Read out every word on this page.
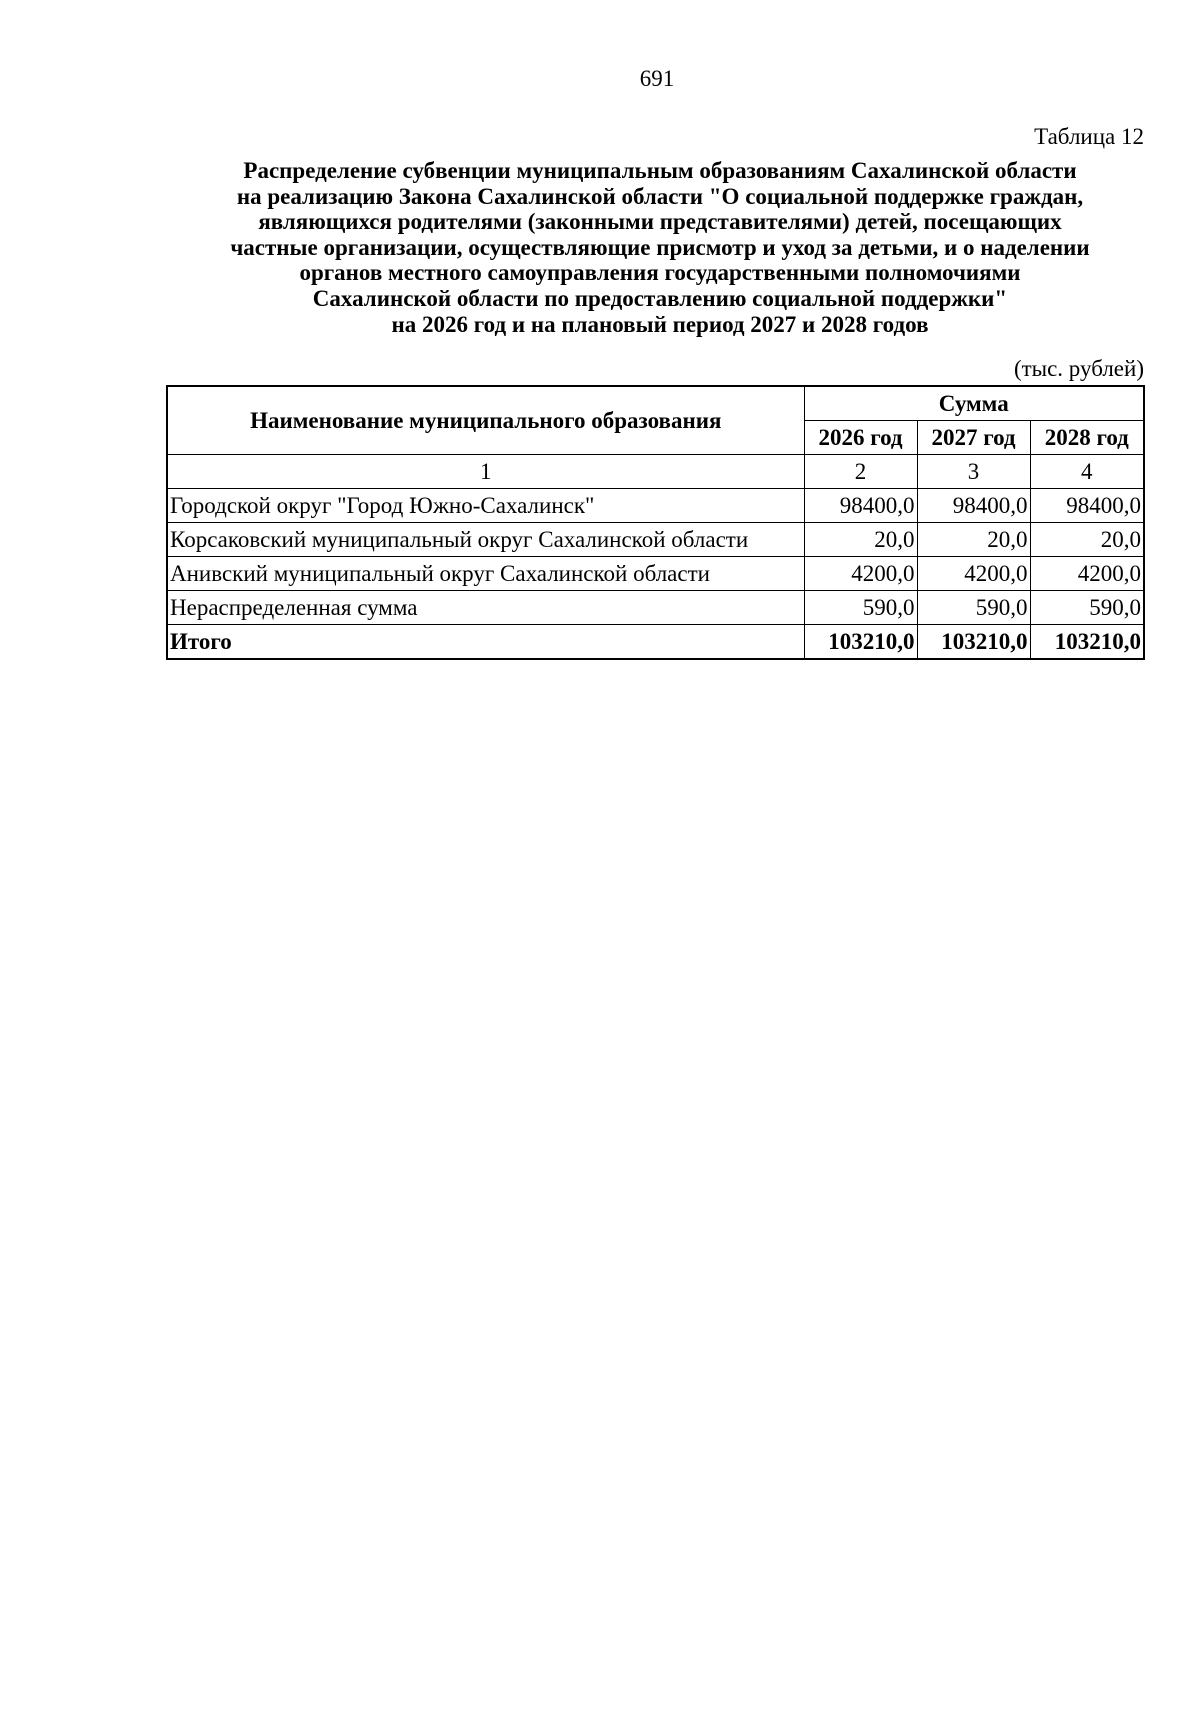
691
Таблица 12
Распределение субвенции муниципальным образованиям Сахалинской области
на реализацию Закона Сахалинской области "О социальной поддержке граждан,
являющихся родителями (законными представителями) детей, посещающих
частные организации, осуществляющие присмотр и уход за детьми, и о наделении
органов местного самоуправления государственными полномочиями
Сахалинской области по предоставлению социальной поддержки"
на 2026 год и на плановый период 2027 и 2028 годов
(тыс. рублей)
Наименование муниципального образования	Сумма		
	2026 год	2027 год	2028 год
1	2	3	4
Городской округ "Город Южно-Сахалинск"	98400,0	98400,0	98400,0
Корсаковский муниципальный округ Сахалинской области	20,0	20,0	20,0
Анивский муниципальный округ Сахалинской области	4200,0	4200,0	4200,0
Нераспределенная сумма	590,0	590,0	590,0
Итого	103210,0	103210,0	103210,0
